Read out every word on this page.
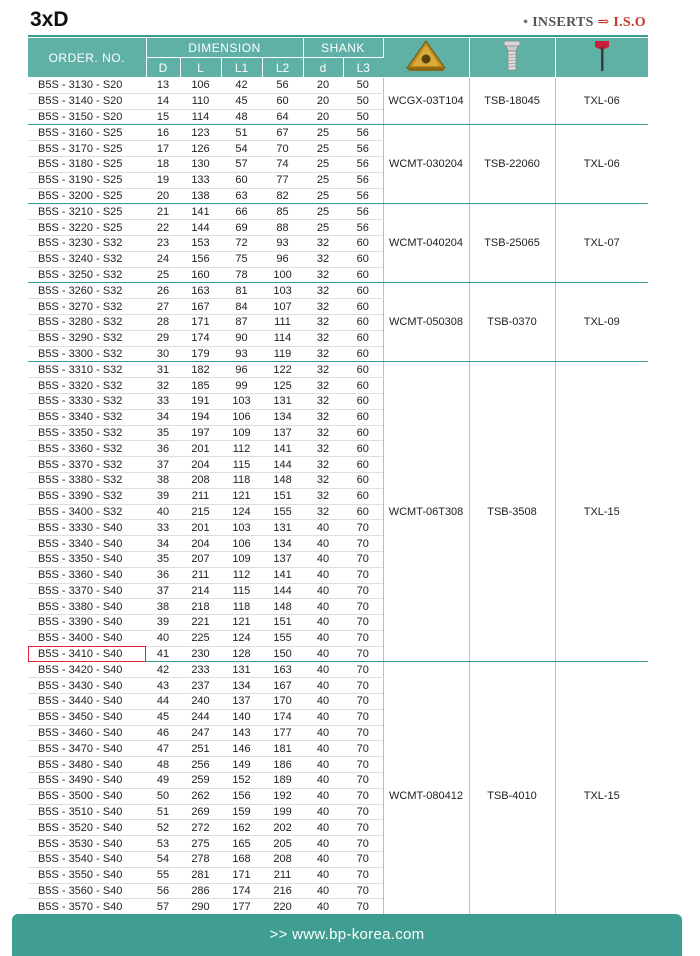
3xD	• INSERTS ⇒ I.S.O
ORDER. NO.	DIMENSION				SHANK			
	D	L	L1	L2	d	L3			
B5S - 3130 - S20	13	106	42	56	20	50	WCGX-03T104	TSB-18045	TXL-06
B5S - 3140 - S20	14	110	45	60	20	50			
B5S - 3150 - S20	15	114	48	64	20	50			
B5S - 3160 - S25	16	123	51	67	25	56	WCMT-030204	TSB-22060	TXL-06
B5S - 3170 - S25	17	126	54	70	25	56			
B5S - 3180 - S25	18	130	57	74	25	56			
B5S - 3190 - S25	19	133	60	77	25	56			
B5S - 3200 - S25	20	138	63	82	25	56			
B5S - 3210 - S25	21	141	66	85	25	56	WCMT-040204	TSB-25065	TXL-07
B5S - 3220 - S25	22	144	69	88	25	56			
B5S - 3230 - S32	23	153	72	93	32	60			
B5S - 3240 - S32	24	156	75	96	32	60			
B5S - 3250 - S32	25	160	78	100	32	60			
B5S - 3260 - S32	26	163	81	103	32	60	WCMT-050308	TSB-0370	TXL-09
B5S - 3270 - S32	27	167	84	107	32	60			
B5S - 3280 - S32	28	171	87	111	32	60			
B5S - 3290 - S32	29	174	90	114	32	60			
B5S - 3300 - S32	30	179	93	119	32	60			
B5S - 3310 - S32	31	182	96	122	32	60	WCMT-06T308	TSB-3508	TXL-15
B5S - 3320 - S32	32	185	99	125	32	60			
B5S - 3330 - S32	33	191	103	131	32	60			
B5S - 3340 - S32	34	194	106	134	32	60			
B5S - 3350 - S32	35	197	109	137	32	60			
B5S - 3360 - S32	36	201	112	141	32	60			
B5S - 3370 - S32	37	204	115	144	32	60			
B5S - 3380 - S32	38	208	118	148	32	60			
B5S - 3390 - S32	39	211	121	151	32	60			
B5S - 3400 - S32	40	215	124	155	32	60			
B5S - 3330 - S40	33	201	103	131	40	70			
B5S - 3340 - S40	34	204	106	134	40	70			
B5S - 3350 - S40	35	207	109	137	40	70			
B5S - 3360 - S40	36	211	112	141	40	70			
B5S - 3370 - S40	37	214	115	144	40	70			
B5S - 3380 - S40	38	218	118	148	40	70			
B5S - 3390 - S40	39	221	121	151	40	70			
B5S - 3400 - S40	40	225	124	155	40	70			
B5S - 3410 - S40	41	230	128	150	40	70			
B5S - 3420 - S40	42	233	131	163	40	70	WCMT-080412	TSB-4010	TXL-15
B5S - 3430 - S40	43	237	134	167	40	70			
B5S - 3440 - S40	44	240	137	170	40	70			
B5S - 3450 - S40	45	244	140	174	40	70			
B5S - 3460 - S40	46	247	143	177	40	70			
B5S - 3470 - S40	47	251	146	181	40	70			
B5S - 3480 - S40	48	256	149	186	40	70			
B5S - 3490 - S40	49	259	152	189	40	70			
B5S - 3500 - S40	50	262	156	192	40	70			
B5S - 3510 - S40	51	269	159	199	40	70			
B5S - 3520 - S40	52	272	162	202	40	70			
B5S - 3530 - S40	53	275	165	205	40	70			
B5S - 3540 - S40	54	278	168	208	40	70			
B5S - 3550 - S40	55	281	171	211	40	70			
B5S - 3560 - S40	56	286	174	216	40	70			
B5S - 3570 - S40	57	290	177	220	40	70			

>> www.bp-korea.com
